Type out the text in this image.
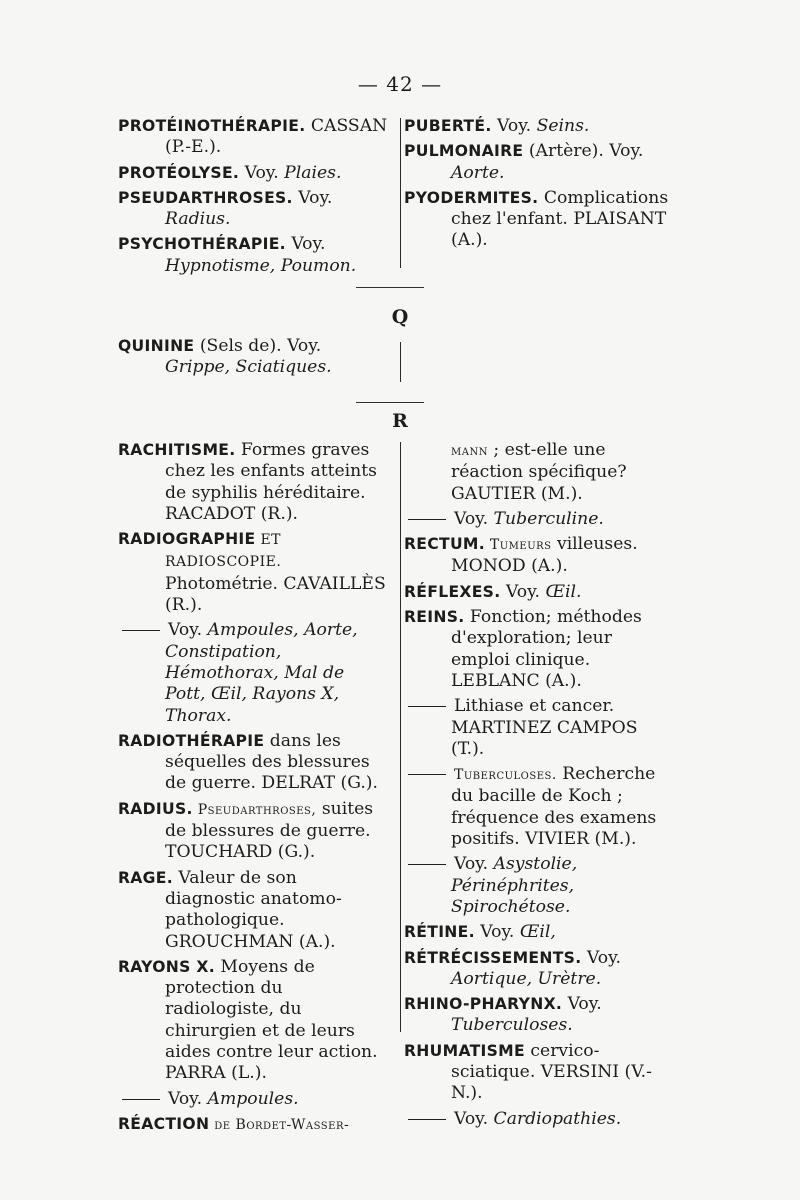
— 42 —
PROTÉINOTHÉRAPIE. CASSAN (P.-E.).
PROTÉOLYSE. Voy. Plaies.
PSEUDARTHROSES. Voy. Radius.
PSYCHOTHÉRAPIE. Voy. Hypnotisme, Poumon.
PUBERTÉ. Voy. Seins.
PULMONAIRE (Artère). Voy. Aorte.
PYODERMITES. Complications chez l'enfant. PLAISANT (A.).
Q
QUININE (Sels de). Voy. Grippe, Sciatiques.
R
RACHITISME. Formes graves chez les enfants atteints de syphilis héréditaire. RACADOT (R.).
RADIOGRAPHIE ET RADIOSCOPIE. Photométrie. CAVAILLÈS (R.).
Voy. Ampoules, Aorte, Constipation, Hémothorax, Mal de Pott, Œil, Rayons X, Thorax.
RADIOTHÉRAPIE dans les séquelles des blessures de guerre. DELRAT (G.).
RADIUS. Pseudarthroses, suites de blessures de guerre. TOUCHARD (G.).
RAGE. Valeur de son diagnostic anatomo-pathologique. GROUCHMAN (A.).
RAYONS X. Moyens de protection du radiologiste, du chirurgien et de leurs aides contre leur action. PARRA (L.).
Voy. Ampoules.
RÉACTION de Bordet-Wasser-
mann ; est-elle une réaction spécifique? GAUTIER (M.).
Voy. Tuberculine.
RECTUM. Tumeurs villeuses. MONOD (A.).
RÉFLEXES. Voy. Œil.
REINS. Fonction; méthodes d'exploration; leur emploi clinique. LEBLANC (A.).
Lithiase et cancer. MARTINEZ CAMPOS (T.).
Tuberculoses. Recherche du bacille de Koch ; fréquence des examens positifs. VIVIER (M.).
Voy. Asystolie, Périnéphrites, Spirochétose.
RÉTINE. Voy. Œil,
RÉTRÉCISSEMENTS. Voy. Aortique, Urètre.
RHINO-PHARYNX. Voy. Tuberculoses.
RHUMATISME cervico-sciatique. VERSINI (V.-N.).
Voy. Cardiopathies.
